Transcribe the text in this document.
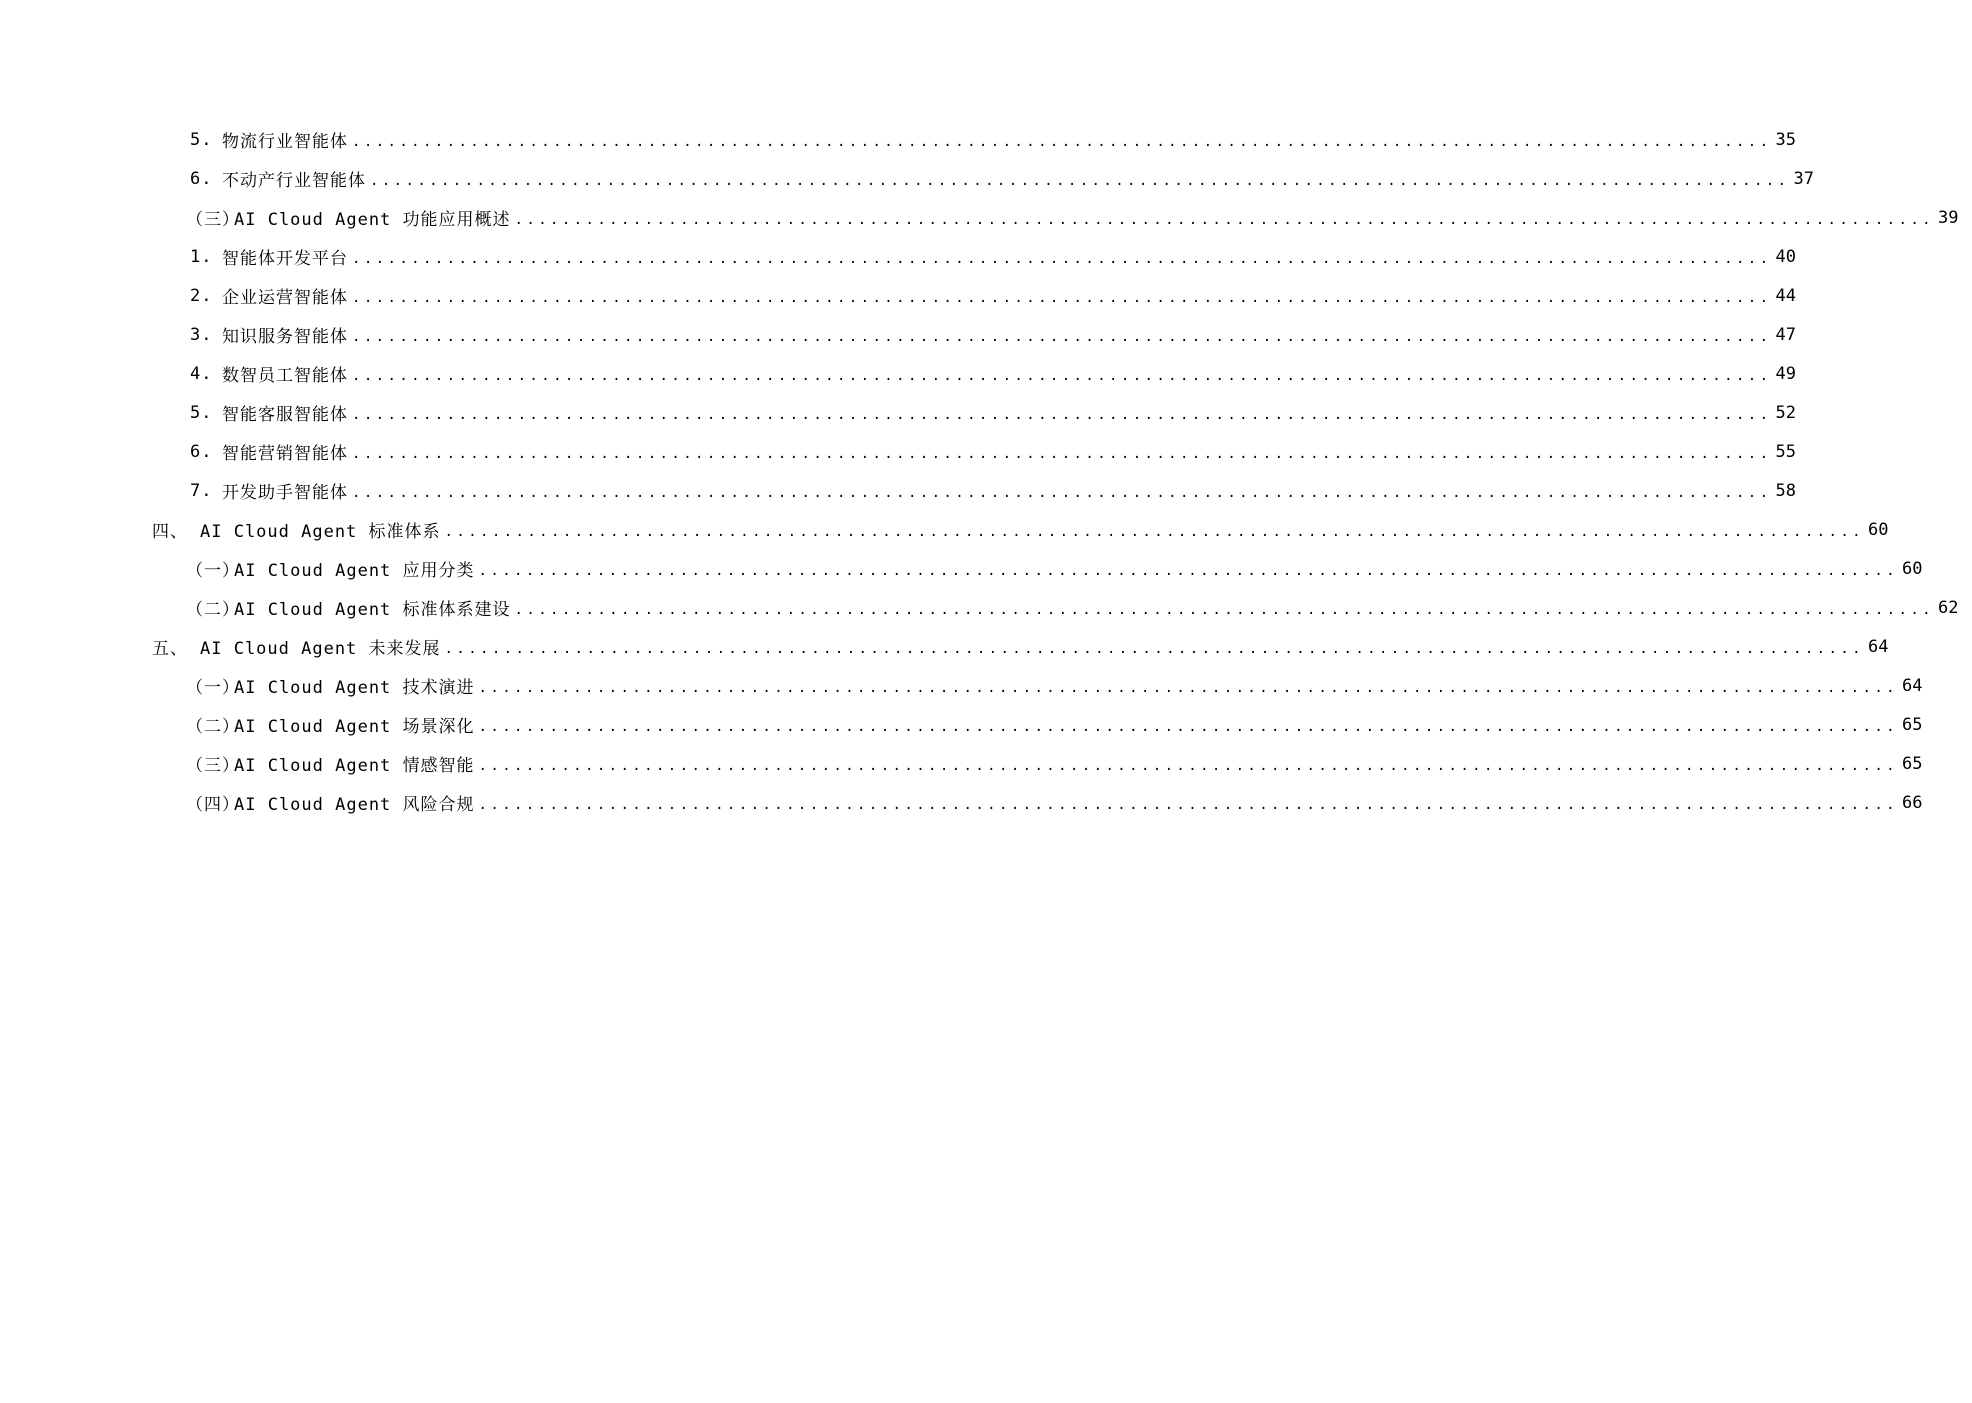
5. 物流行业智能体 ........................................................................................................................ 35
6. 不动产行业智能体 ........................................................................................................................ 37
（三）
AI Cloud Agent 功能应用概述 ........................................................................................................................ 39
1. 智能体开发平台 ........................................................................................................................ 40
2. 企业运营智能体 ........................................................................................................................ 44
3. 知识服务智能体 ........................................................................................................................ 47
4. 数智员工智能体 ........................................................................................................................ 49
5. 智能客服智能体 ........................................................................................................................ 52
6. 智能营销智能体 ........................................................................................................................ 55
7. 开发助手智能体 ........................................................................................................................ 58
四、 AI Cloud Agent 标准体系 ........................................................................................................................ 60
（一）
AI Cloud Agent 应用分类 ........................................................................................................................ 60
（二）
AI Cloud Agent 标准体系建设 ........................................................................................................................ 62
五、 AI Cloud Agent 未来发展 ........................................................................................................................ 64
（一）
AI Cloud Agent 技术演进 ........................................................................................................................ 64
（二）
AI Cloud Agent 场景深化 ........................................................................................................................ 65
（三）
AI Cloud Agent 情感智能 ........................................................................................................................ 65
（四）
AI Cloud Agent 风险合规 ........................................................................................................................ 66
